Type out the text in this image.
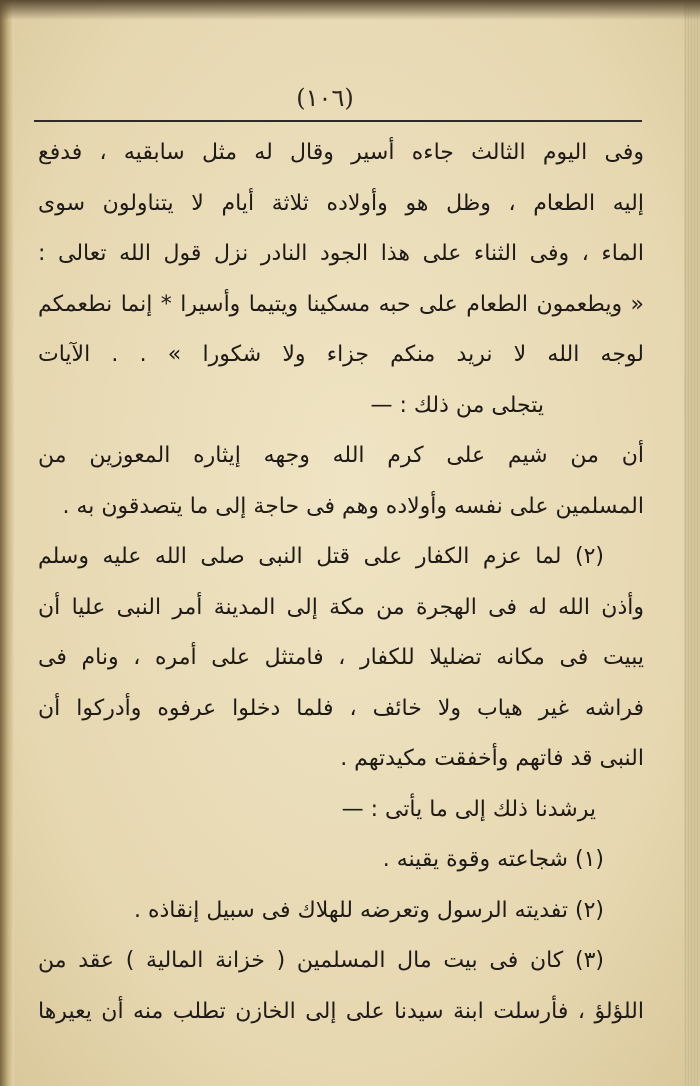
(١٠٦)
وفى اليوم الثالث جاءه أسير وقال له مثل سابقيه ، فدفع
إليه الطعام ، وظل هو وأولاده ثلاثة أيام لا يتناولون سوى
الماء ، وفى الثناء على هذا الجود النادر نزل قول الله تعالى :
« ويطعمون الطعام على حبه مسكينا ويتيما وأسيرا * إنما نطعمكم
لوجه الله لا نريد منكم جزاء ولا شكورا » . . الآيات
يتجلى من ذلك : —
أن من شيم على كرم الله وجهه إيثاره المعوزين من
المسلمين على نفسه وأولاده وهم فى حاجة إلى ما يتصدقون به .
(٢) لما عزم الكفار على قتل النبى صلى الله عليه وسلم
وأذن الله له فى الهجرة من مكة إلى المدينة أمر النبى عليا أن
يبيت فى مكانه تضليلا للكفار ، فامتثل على أمره ، ونام فى
فراشه غير هياب ولا خائف ، فلما دخلوا عرفوه وأدركوا أن
النبى قد فاتهم وأخفقت مكيدتهم .
يرشدنا ذلك إلى ما يأتى : —
(١) شجاعته وقوة يقينه .
(٢) تفديته الرسول وتعرضه للهلاك فى سبيل إنقاذه .
(٣) كان فى بيت مال المسلمين ( خزانة المالية ) عقد من
اللؤلؤ ، فأرسلت ابنة سيدنا على إلى الخازن تطلب منه أن يعيرها
